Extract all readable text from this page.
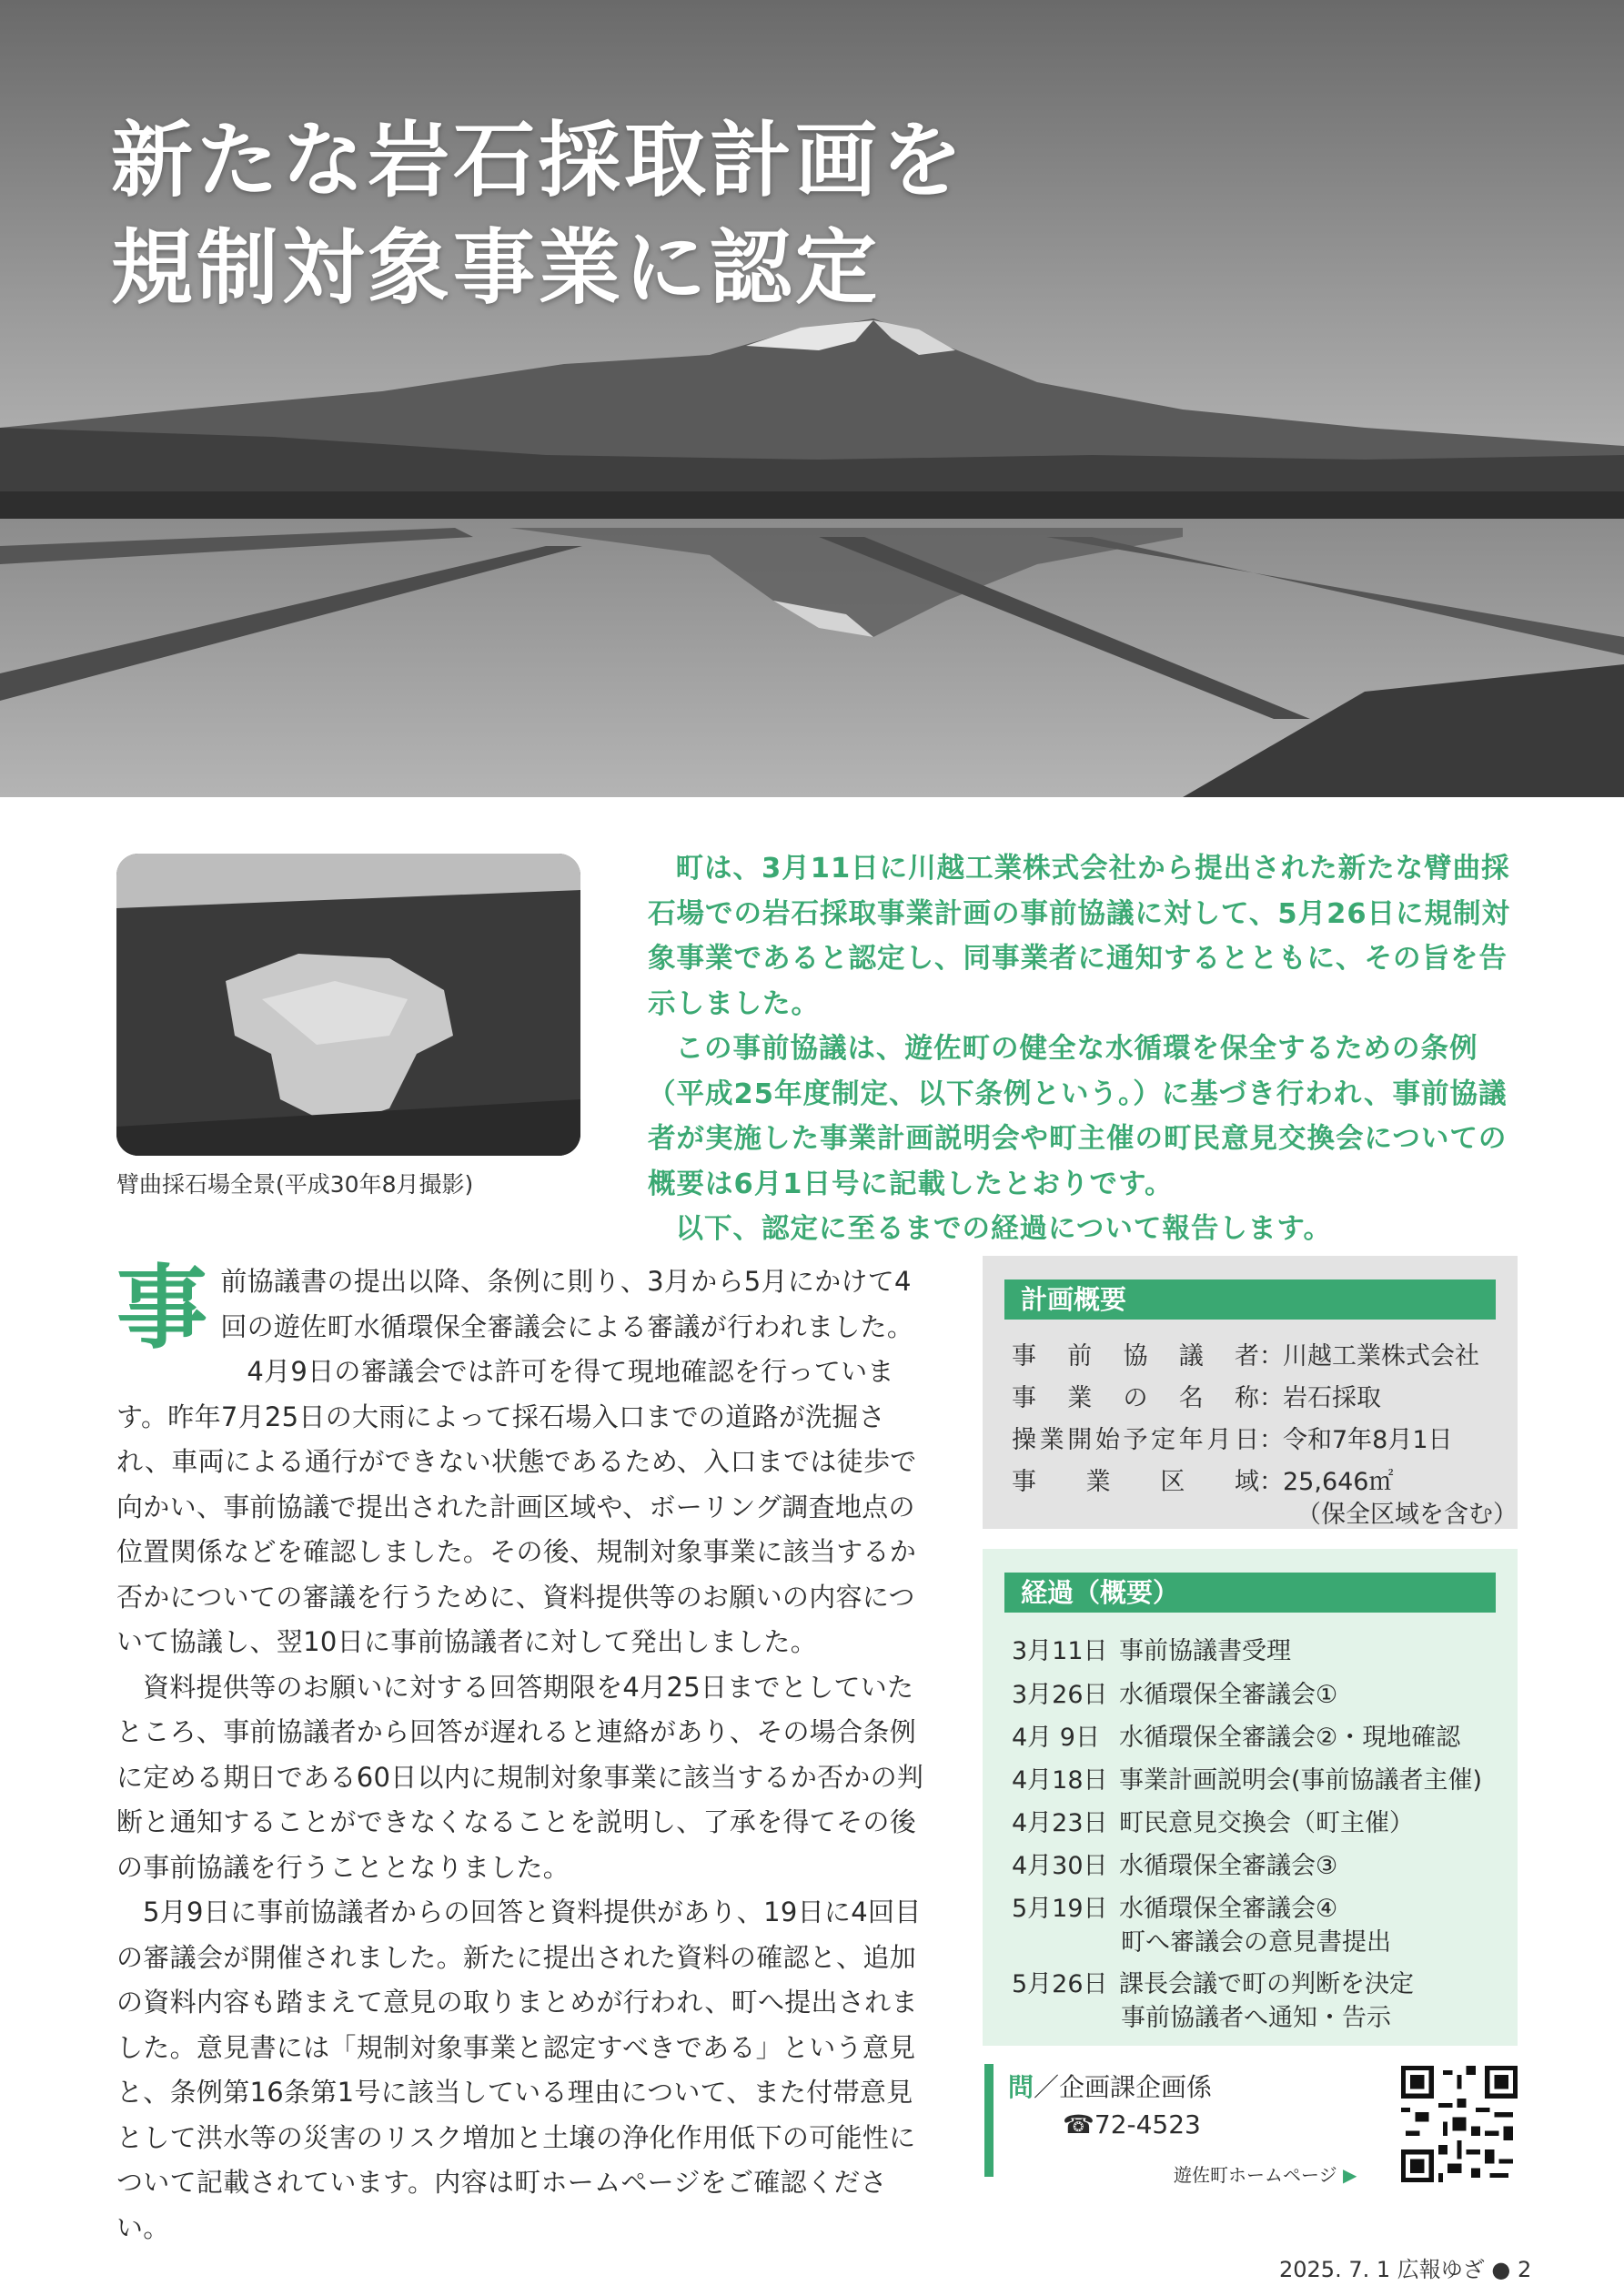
新たな岩石採取計画を
規制対象事業に認定
臂曲採石場全景(平成30年8月撮影)

町は、3月11日に川越工業株式会社から提出された新たな臂曲採石場での岩石採取事業計画の事前協議に対して、5月26日に規制対象事業であると認定し、同事業者に通知するとともに、その旨を告示しました。

この事前協議は、遊佐町の健全な水循環を保全するための条例（平成25年度制定、以下条例という。）に基づき行われ、事前協議者が実施した事業計画説明会や町主催の町民意見交換会についての概要は6月1日号に記載したとおりです。

以下、認定に至るまでの経過について報告します。

事前協議書の提出以降、条例に則り、3月から5月にかけて4回の遊佐町水循環保全審議会による審議が行われました。

4月9日の審議会では許可を得て現地確認を行っています。昨年7月25日の大雨によって採石場入口までの道路が洗掘され、車両による通行ができない状態であるため、入口までは徒歩で向かい、事前協議で提出された計画区域や、ボーリング調査地点の位置関係などを確認しました。その後、規制対象事業に該当するか否かについての審議を行うために、資料提供等のお願いの内容について協議し、翌10日に事前協議者に対して発出しました。

資料提供等のお願いに対する回答期限を4月25日までとしていたところ、事前協議者から回答が遅れると連絡があり、その場合条例に定める期日である60日以内に規制対象事業に該当するか否かの判断と通知することができなくなることを説明し、了承を得てその後の事前協議を行うこととなりました。

5月9日に事前協議者からの回答と資料提供があり、19日に4回目の審議会が開催されました。新たに提出された資料の確認と、追加の資料内容も踏まえて意見の取りまとめが行われ、町へ提出されました。意見書には「規制対象事業と認定すべきである」という意見と、条例第16条第1号に該当している理由について、また付帯意見として洪水等の災害のリスク増加と土壌の浄化作用低下の可能性について記載されています。内容は町ホームページをご確認ください。

計画概要
事前協議者：川越工業株式会社
事業の名称：岩石採取
操業開始予定年月日：令和7年8月1日
事業区域：25,646㎡
（保全区域を含む）
経過（概要）
3月11日 事前協議書受理
3月26日 水循環保全審議会①
4月 9日 水循環保全審議会②・現地確認
4月18日 事業計画説明会(事前協議者主催)
4月23日 町民意見交換会（町主催）
4月30日 水循環保全審議会③
5月19日 水循環保全審議会④
町へ審議会の意見書提出
5月26日 課長会議で町の判断を決定
事前協議者へ通知・告示
問／企画課企画係
☎72-4523
遊佐町ホームページ ▶
2025. 7. 1 広報ゆざ ● 2
